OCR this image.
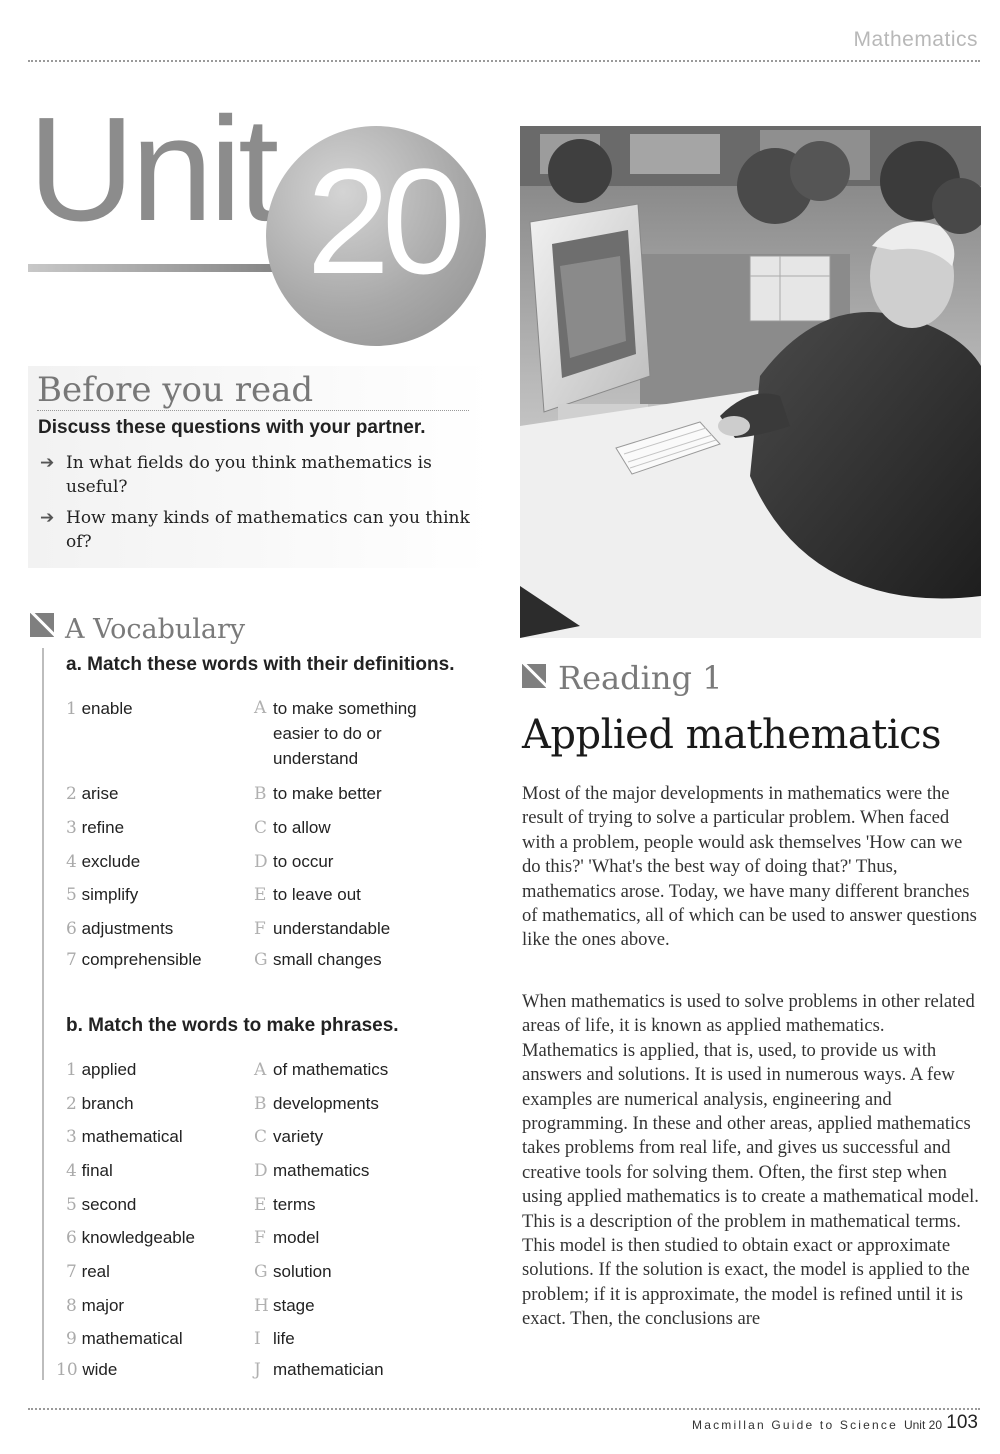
Mathematics
Unit 20
Before you read
Discuss these questions with your partner.
➔ In what fields do you think mathematics is useful?
➔ How many kinds of mathematics can you think of?
A Vocabulary
a. Match these words with their definitions.
1 enable
2 arise
3 refine
4 exclude
5 simplify
6 adjustments
7 comprehensible
A to make something easier to do or understand
B to make better
C to allow
D to occur
E to leave out
F understandable
G small changes
b. Match the words to make phrases.
1 applied
2 branch
3 mathematical
4 final
5 second
6 knowledgeable
7 real
8 major
9 mathematical
10 wide
A of mathematics
B developments
C variety
D mathematics
E terms
F model
G solution
H stage
I life
J mathematician
Reading 1
Applied mathematics
Most of the major developments in mathematics were the result of trying to solve a particular problem. When faced with a problem, people would ask themselves 'How can we do this?' 'What's the best way of doing that?' Thus, mathematics arose. Today, we have many different branches of mathematics, all of which can be used to answer questions like the ones above.
When mathematics is used to solve problems in other related areas of life, it is known as applied mathematics. Mathematics is applied, that is, used, to provide us with answers and solutions. It is used in numerous ways. A few examples are numerical analysis, engineering and programming. In these and other areas, applied mathematics takes problems from real life, and gives us successful and creative tools for solving them. Often, the first step when using applied mathematics is to create a mathematical model. This is a description of the problem in mathematical terms. This model is then studied to obtain exact or approximate solutions. If the solution is exact, the model is applied to the problem; if it is approximate, the model is refined until it is exact. Then, the conclusions are
Macmillan Guide to Science Unit 20 103
